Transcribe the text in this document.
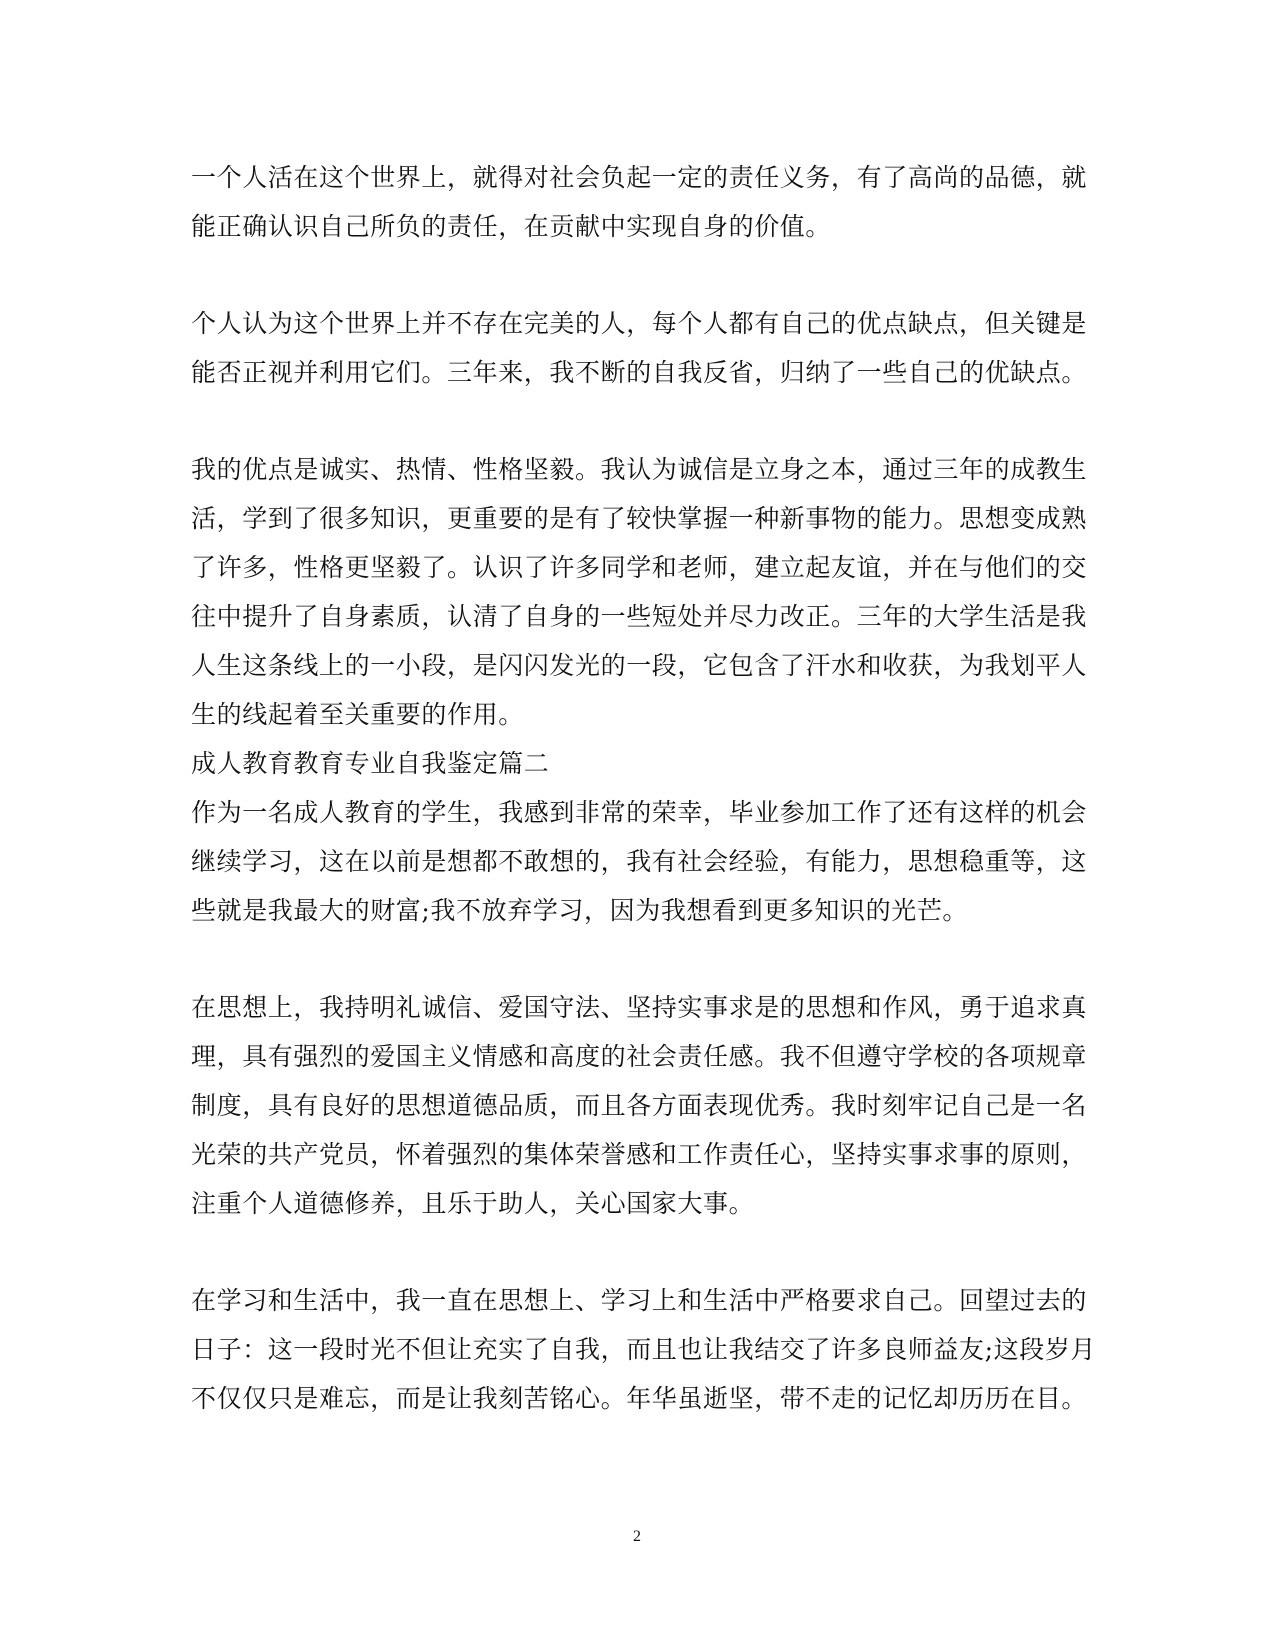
一个人活在这个世界上，就得对社会负起一定的责任义务，有了高尚的品德，就
能正确认识自己所负的责任，在贡献中实现自身的价值。
个人认为这个世界上并不存在完美的人，每个人都有自己的优点缺点，但关键是
能否正视并利用它们。三年来，我不断的自我反省，归纳了一些自己的优缺点。
我的优点是诚实、热情、性格坚毅。我认为诚信是立身之本，通过三年的成教生
活，学到了很多知识，更重要的是有了较快掌握一种新事物的能力。思想变成熟
了许多，性格更坚毅了。认识了许多同学和老师，建立起友谊，并在与他们的交
往中提升了自身素质，认清了自身的一些短处并尽力改正。三年的大学生活是我
人生这条线上的一小段，是闪闪发光的一段，它包含了汗水和收获，为我划平人
生的线起着至关重要的作用。
成人教育教育专业自我鉴定篇二
作为一名成人教育的学生，我感到非常的荣幸，毕业参加工作了还有这样的机会
继续学习，这在以前是想都不敢想的，我有社会经验，有能力，思想稳重等，这
些就是我最大的财富;我不放弃学习，因为我想看到更多知识的光芒。
在思想上，我持明礼诚信、爱国守法、坚持实事求是的思想和作风，勇于追求真
理，具有强烈的爱国主义情感和高度的社会责任感。我不但遵守学校的各项规章
制度，具有良好的思想道德品质，而且各方面表现优秀。我时刻牢记自己是一名
光荣的共产党员，怀着强烈的集体荣誉感和工作责任心，坚持实事求事的原则，
注重个人道德修养，且乐于助人，关心国家大事。
在学习和生活中，我一直在思想上、学习上和生活中严格要求自己。回望过去的
日子：这一段时光不但让充实了自我，而且也让我结交了许多良师益友;这段岁月
不仅仅只是难忘，而是让我刻苦铭心。年华虽逝坚，带不走的记忆却历历在目。
2
